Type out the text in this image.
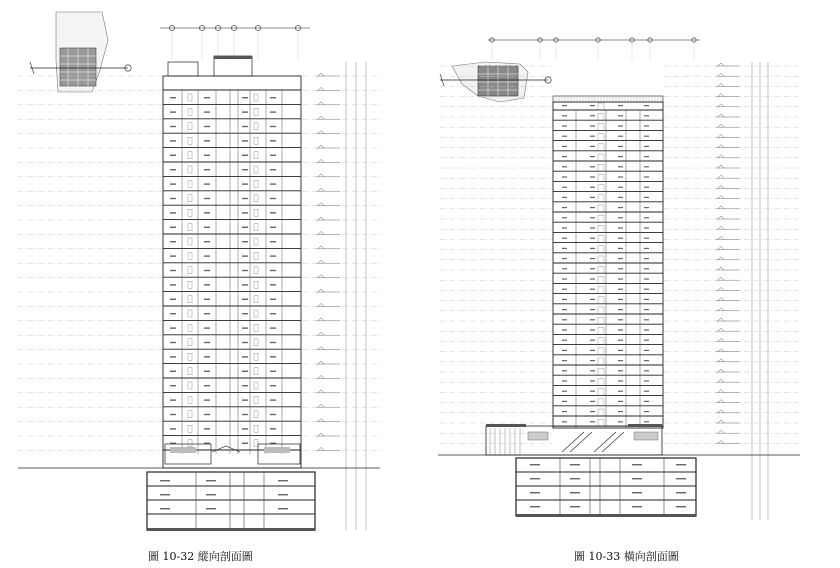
圖 10-32 縱向剖面圖	圖 10-33 橫向剖面圖
